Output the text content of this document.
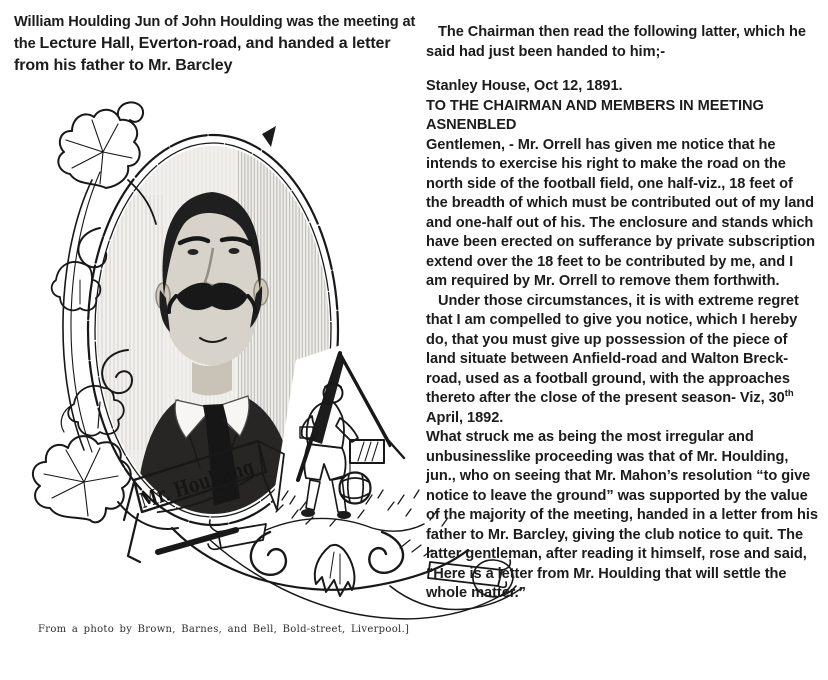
William Houlding Jun of John Houlding was the meeting at the Lecture Hall, Everton-road, and handed a letter from his father to Mr. Barcley
Mr. Houlding
From a photo by Brown, Barnes, and Bell, Bold-street, Liverpool.]

The Chairman then read the following latter, which he said had just been handed to him;-

Stanley House, Oct 12, 1891.

TO THE CHAIRMAN AND MEMBERS IN MEETING ASNENBLED

Gentlemen, - Mr. Orrell has given me notice that he intends to exercise his right to make the road on the north side of the football field, one half-viz., 18 feet of the breadth of which must be contributed out of my land and one-half out of his. The enclosure and stands which have been erected on sufferance by private subscription extend over the 18 feet to be contributed by me, and I am required by Mr. Orrell to remove them forthwith.

Under those circumstances, it is with extreme regret that I am compelled to give you notice, which I hereby do, that you must give up possession of the piece of land situate between Anfield-road and Walton Breck-road, used as a football ground, with the approaches thereto after the close of the present season- Viz, 30th April, 1892.

What struck me as being the most irregular and unbusinesslike proceeding was that of Mr. Houlding, jun., who on seeing that Mr. Mahon’s resolution “to give notice to leave the ground” was supported by the value of the majority of the meeting, handed in a letter from his father to Mr. Barcley, giving the club notice to quit. The latter gentleman, after reading it himself, rose and said, “Here is a letter from Mr. Houlding that will settle the whole matter.”
